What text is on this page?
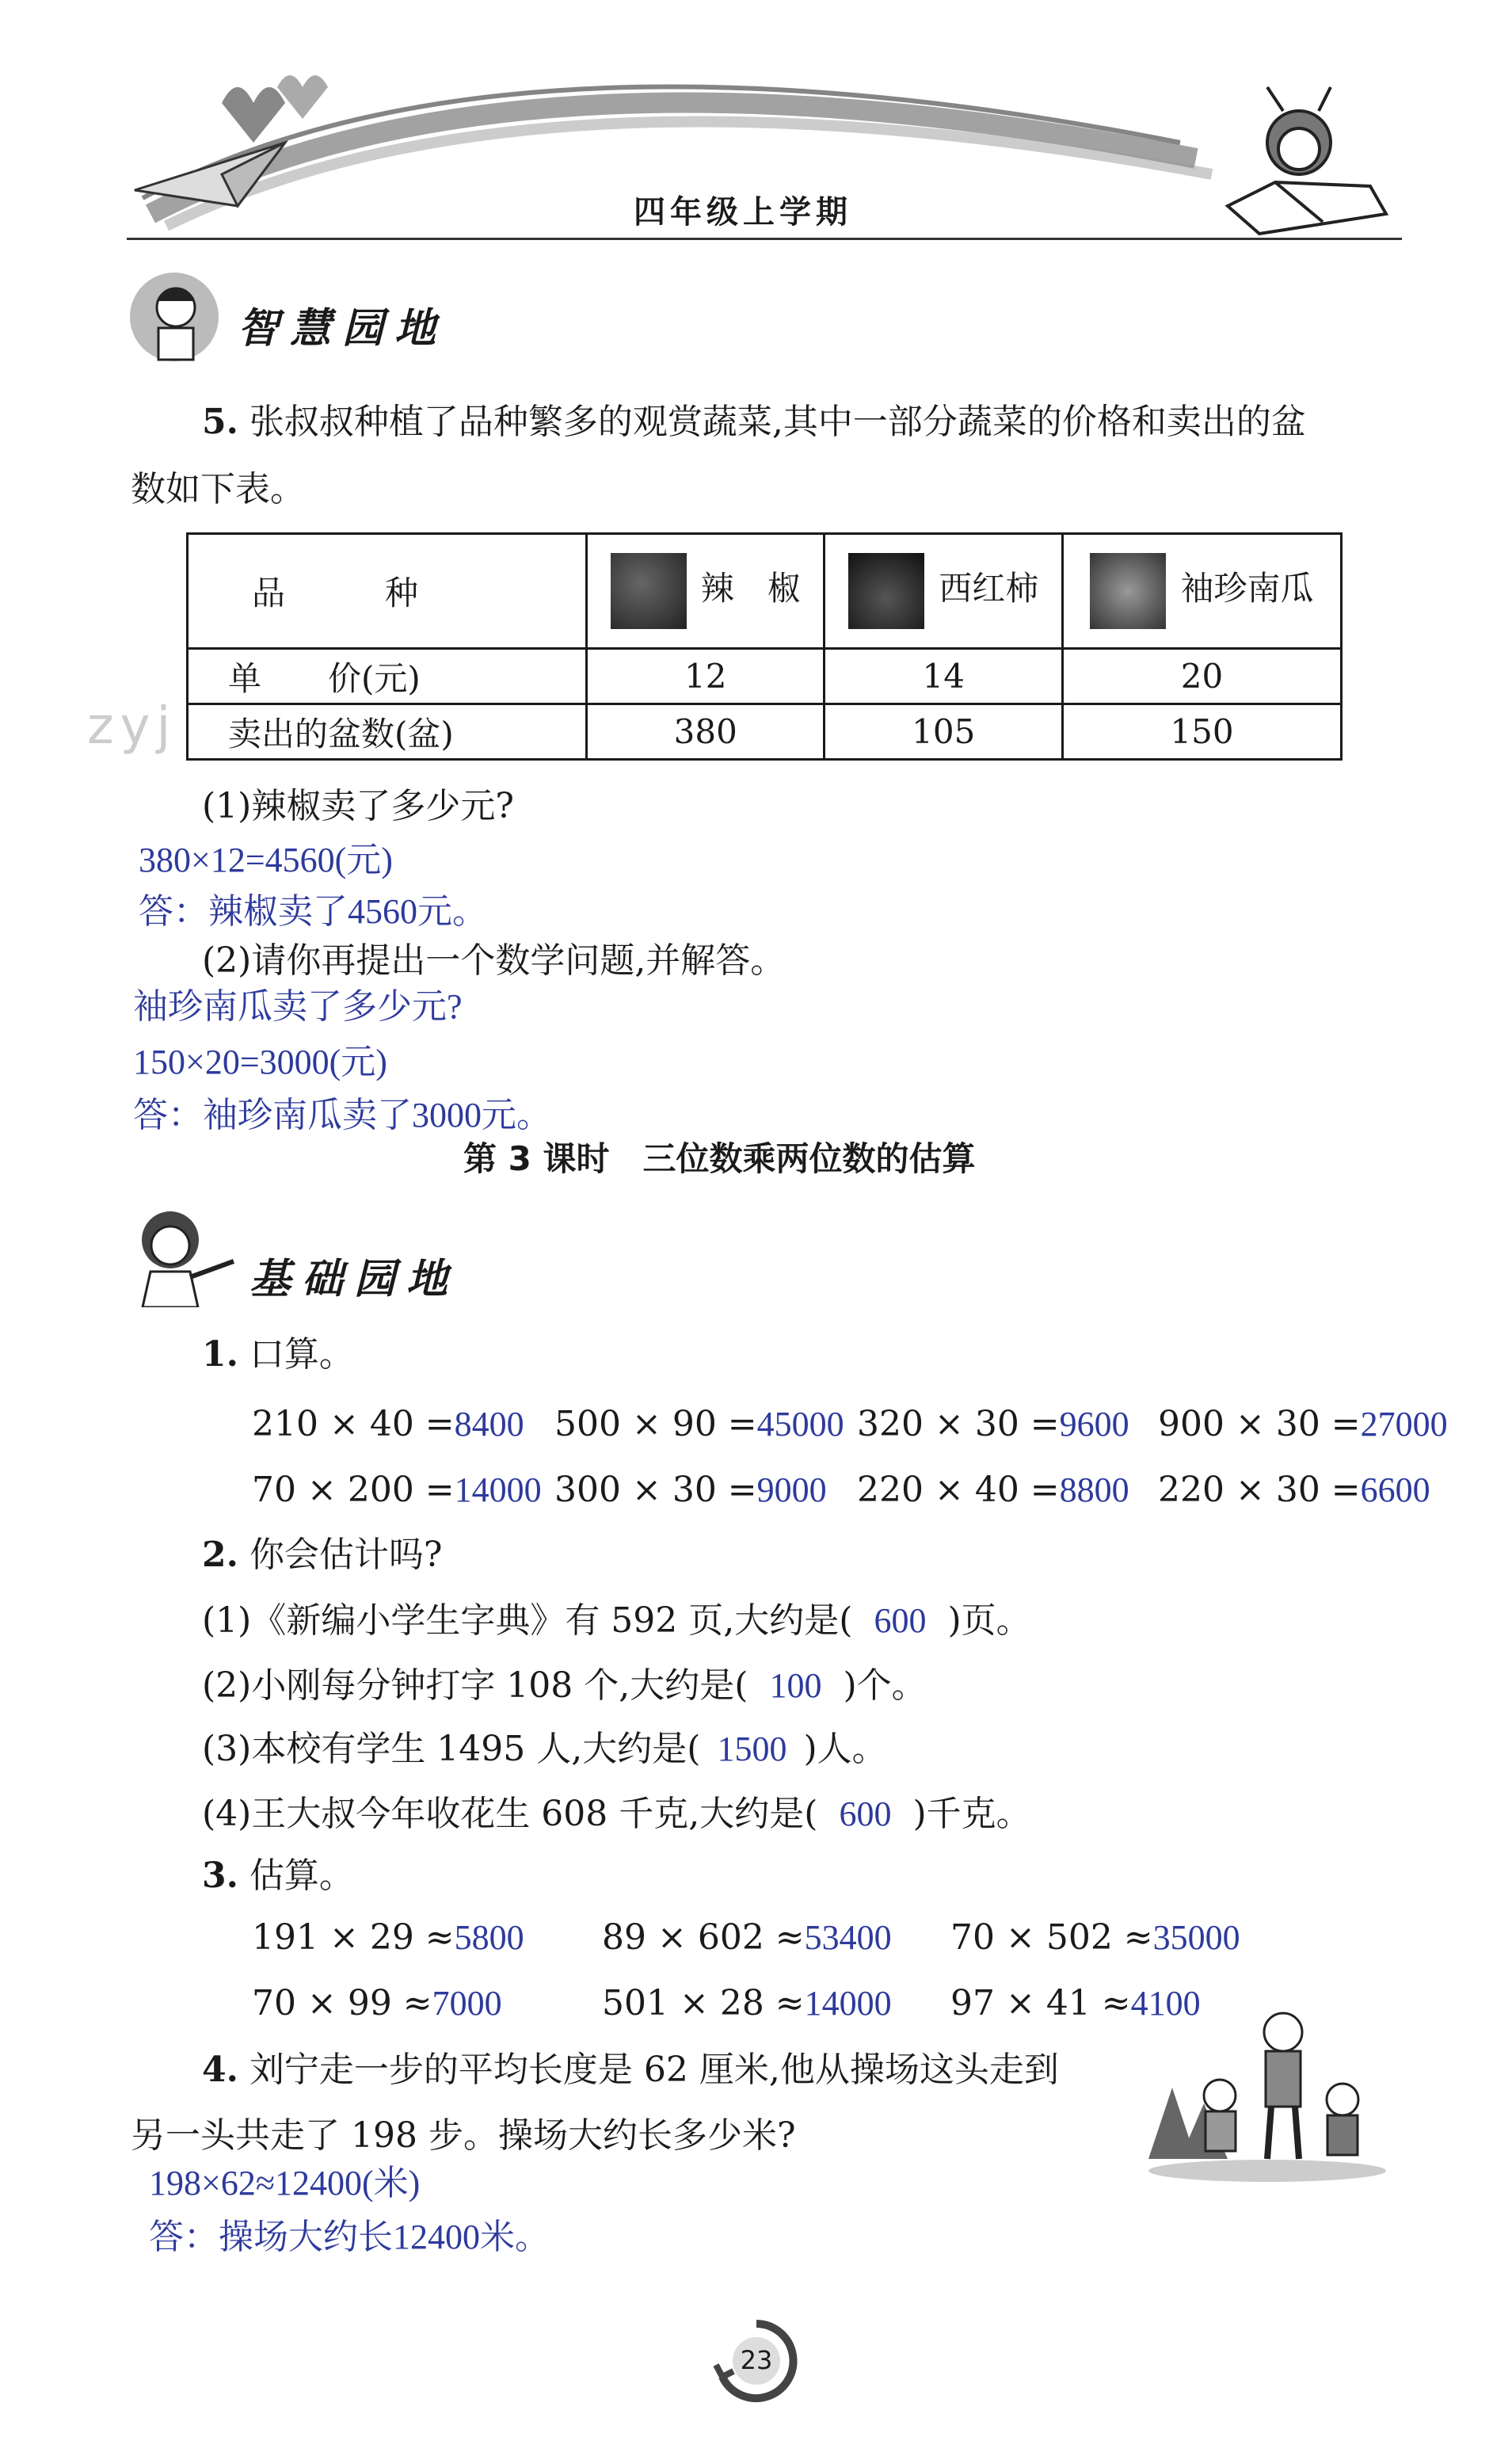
四年级上学期
智慧园地
5. 张叔叔种植了品种繁多的观赏蔬菜,其中一部分蔬菜的价格和卖出的盆
数如下表。
品　　　种	辣　椒	西红柿	袖珍南瓜
单　　价(元)	12	14	20
卖出的盆数(盆)	380	105	150
zyj
(1)辣椒卖了多少元?
380×12=4560(元)
答：辣椒卖了4560元。
(2)请你再提出一个数学问题,并解答。
袖珍南瓜卖了多少元?
150×20=3000(元)
答：袖珍南瓜卖了3000元。
第 3 课时　三位数乘两位数的估算
基础园地
1. 口算。
210 × 40 =8400 500 × 90 =45000 320 × 30 =9600 900 × 30 =27000
70 × 200 =14000 300 × 30 =9000 220 × 40 =8800 220 × 30 =6600
2. 你会估计吗?
(1)《新编小学生字典》有 592 页,大约是( 600 )页。
(2)小刚每分钟打字 108 个,大约是( 100 )个。
(3)本校有学生 1495 人,大约是( 1500 )人。
(4)王大叔今年收花生 608 千克,大约是( 600 )千克。
3. 估算。
191 × 29 ≈5800 89 × 602 ≈53400 70 × 502 ≈35000
70 × 99 ≈7000	501 × 28 ≈14000 97 × 41 ≈4100
4. 刘宁走一步的平均长度是 62 厘米,他从操场这头走到
另一头共走了 198 步。操场大约长多少米?
198×62≈12400(米)
答：操场大约长12400米。
23
